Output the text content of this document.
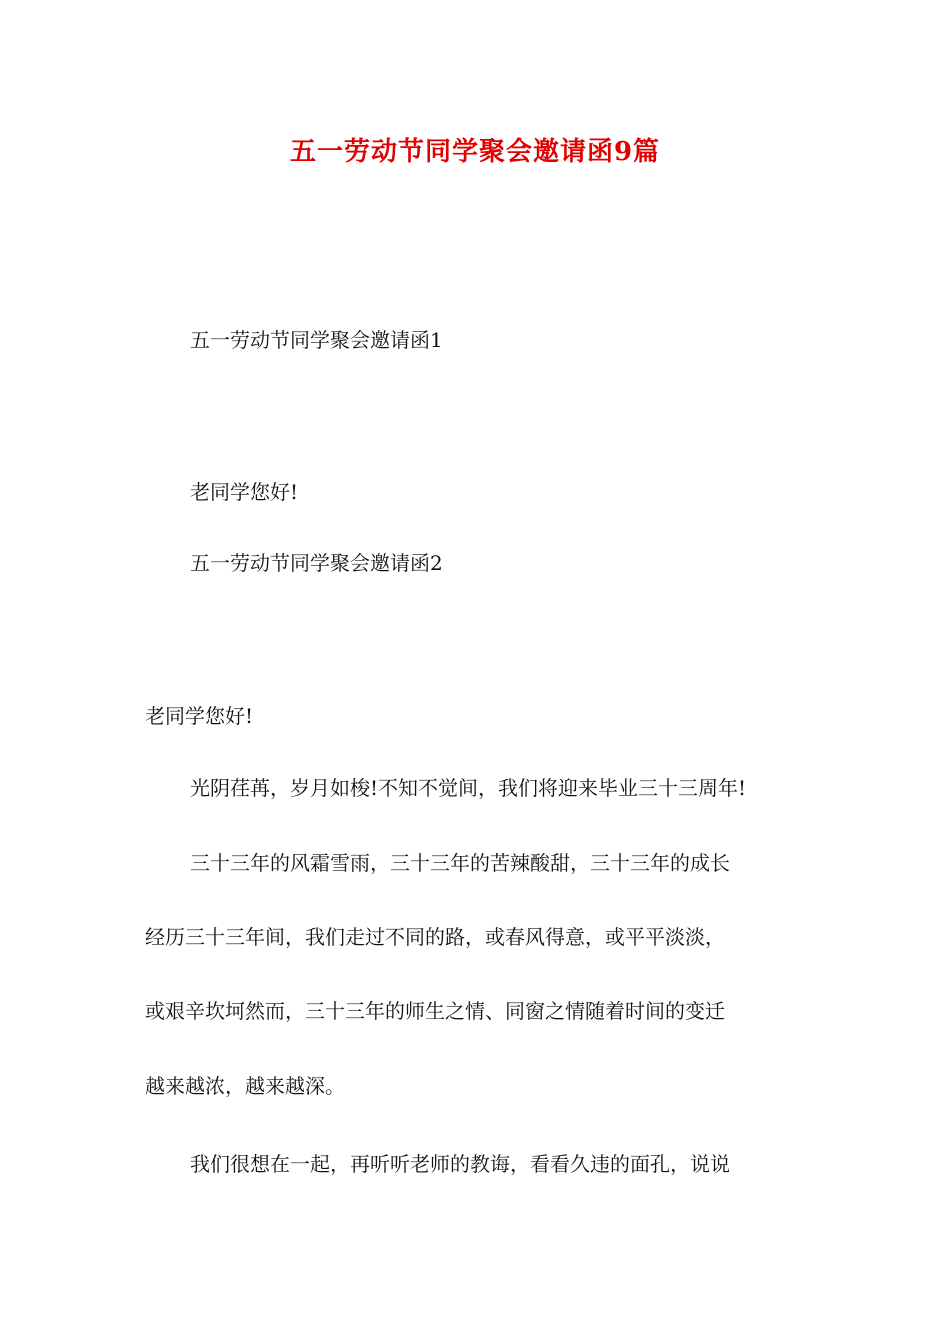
五一劳动节同学聚会邀请函9篇
五一劳动节同学聚会邀请函1
老同学您好!
五一劳动节同学聚会邀请函2
老同学您好!
光阴荏苒，岁月如梭!不知不觉间，我们将迎来毕业三十三周年!
三十三年的风霜雪雨，三十三年的苦辣酸甜，三十三年的成长
经历三十三年间，我们走过不同的路，或春风得意，或平平淡淡，
或艰辛坎坷然而，三十三年的师生之情、同窗之情随着时间的变迁
越来越浓，越来越深。
我们很想在一起，再听听老师的教诲，看看久违的面孔，说说
